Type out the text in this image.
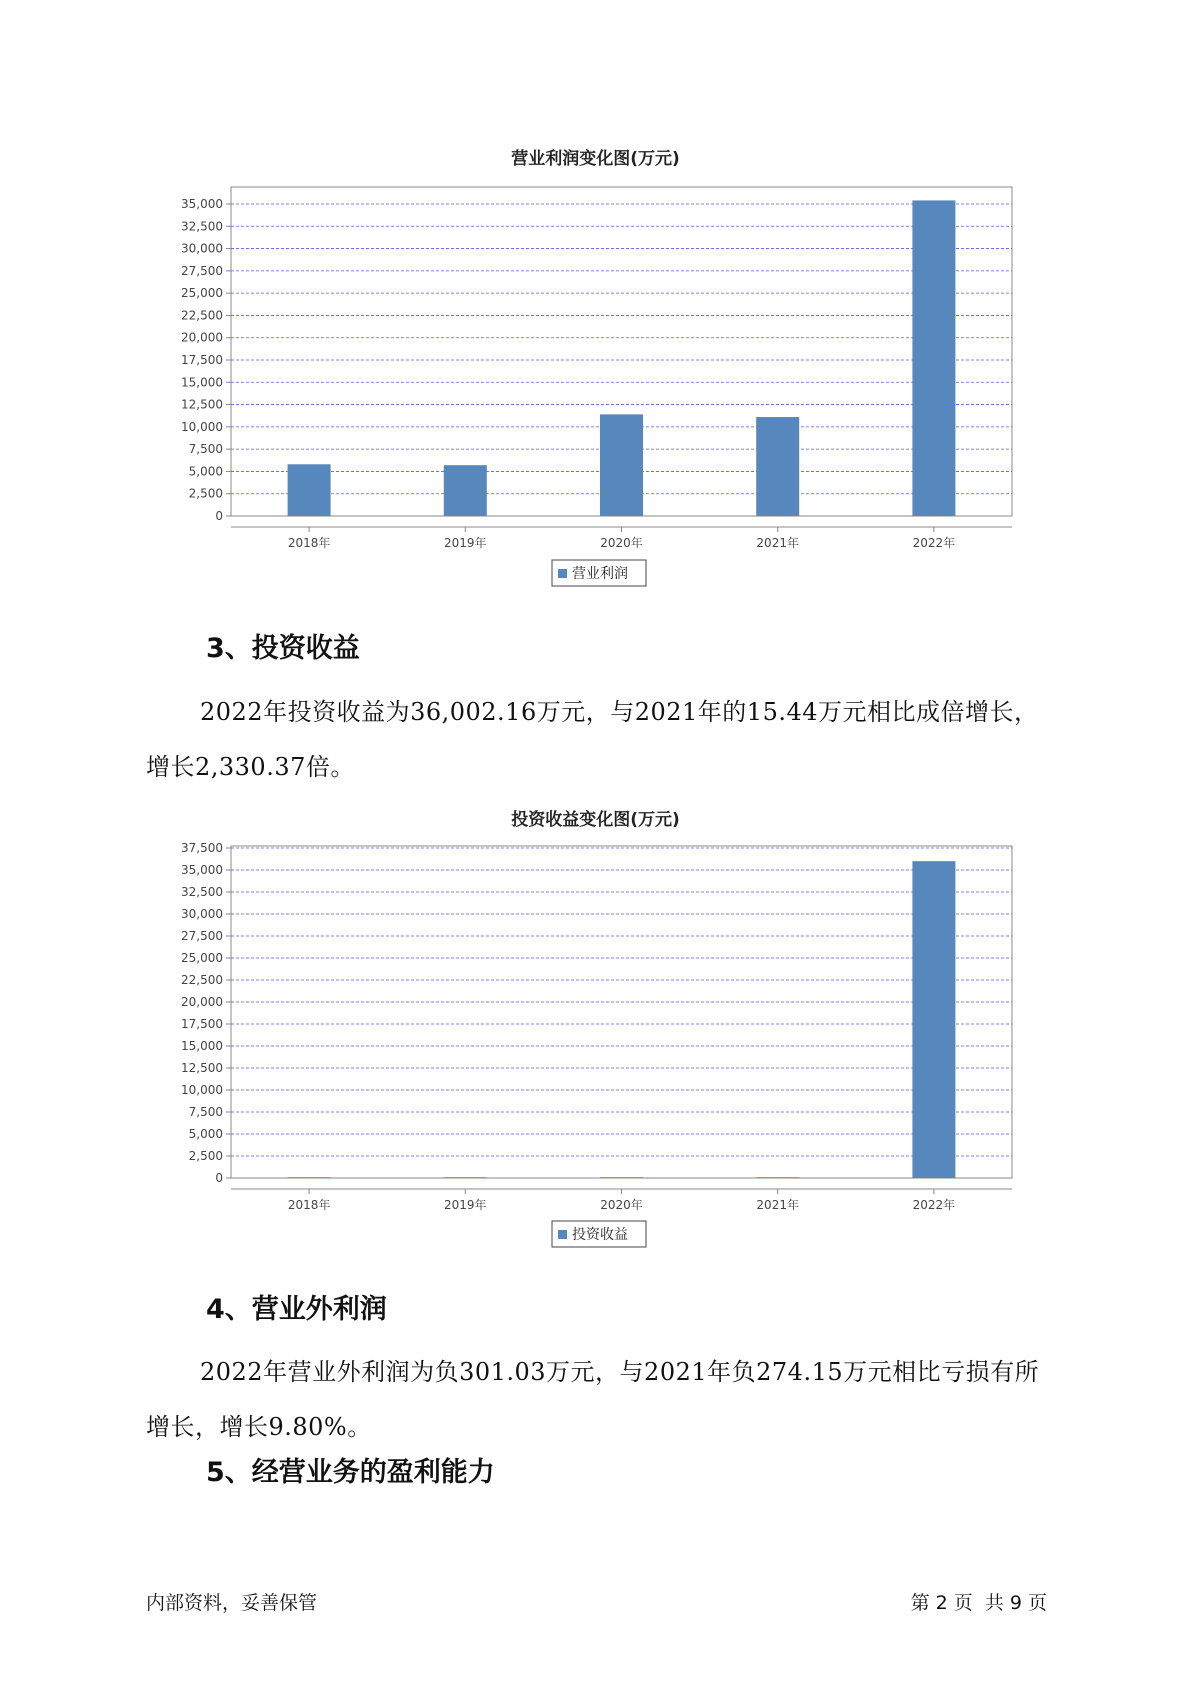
营业利润变化图(万元)
0
2,500
5,000
7,500
10,000
12,500
15,000
17,500
20,000
22,500
25,000
27,500
30,000
32,500
35,000
2018年	2019年	2020年	2021年	2022年
营业利润
3、投资收益
2022年投资收益为36,002.16万元，与2021年的15.44万元相比成倍增长，增长2,330.37倍。
投资收益变化图(万元)
0
2,500
5,000
7,500
10,000
12,500
15,000
17,500
20,000
22,500
25,000
27,500
30,000
32,500
35,000
37,500
2018年	2019年	2020年	2021年	2022年
投资收益
4、营业外利润
2022年营业外利润为负301.03万元，与2021年负274.15万元相比亏损有所增长，增长9.80%。
5、经营业务的盈利能力
内部资料，妥善保管	第 2 页  共 9 页
